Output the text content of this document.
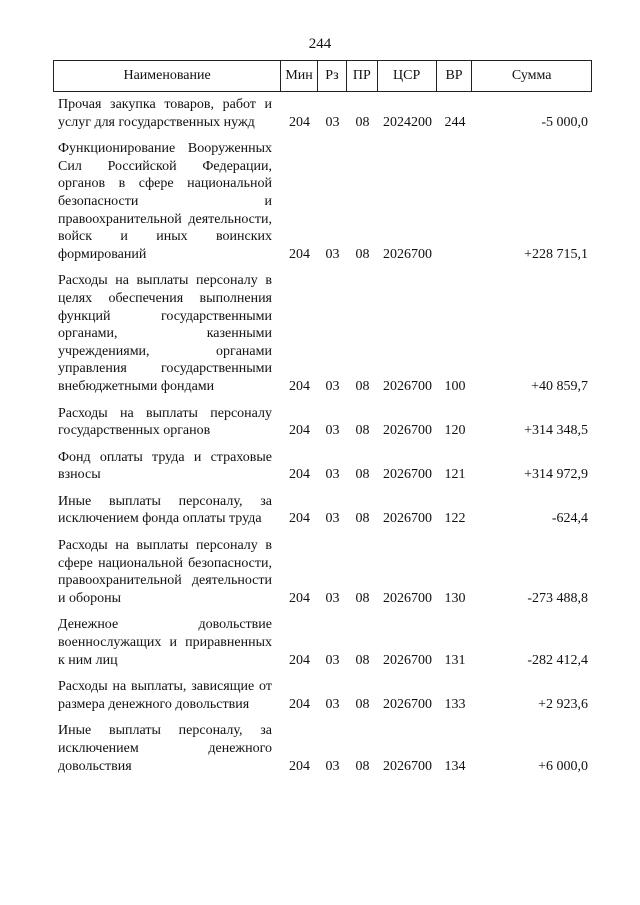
244
Наименование	Мин Рз	ПР	ЦСР	ВР	Сумма
Прочая закупка товаров, работ и услуг для государственных нужд	204 03 08 2024200 244	-5 000,0
Функционирование Вооруженных Сил Российской Федерации, органов в сфере национальной безопасности и правоохранительной деятельности, войск и иных воинских формирований	204 03 08 2026700	+228 715,1
Расходы на выплаты персоналу в целях обеспечения выполнения функций государственными органами, казенными учреждениями, органами управления государственными внебюджетными фондами	204 03 08 2026700 100	+40 859,7
Расходы на выплаты персоналу государственных органов	204 03 08 2026700 120	+314 348,5
Фонд оплаты труда и страховые взносы	204 03 08 2026700 121	+314 972,9
Иные выплаты персоналу, за исключением фонда оплаты труда	204 03 08 2026700 122	-624,4
Расходы на выплаты персоналу в сфере национальной безопасности, правоохранительной деятельности и обороны	204 03 08 2026700 130	-273 488,8
Денежное довольствие военнослужащих и приравненных к ним лиц	204 03 08 2026700 131	-282 412,4
Расходы на выплаты, зависящие от размера денежного довольствия	204 03 08 2026700 133	+2 923,6
Иные выплаты персоналу, за исключением денежного довольствия	204 03 08 2026700 134	+6 000,0
